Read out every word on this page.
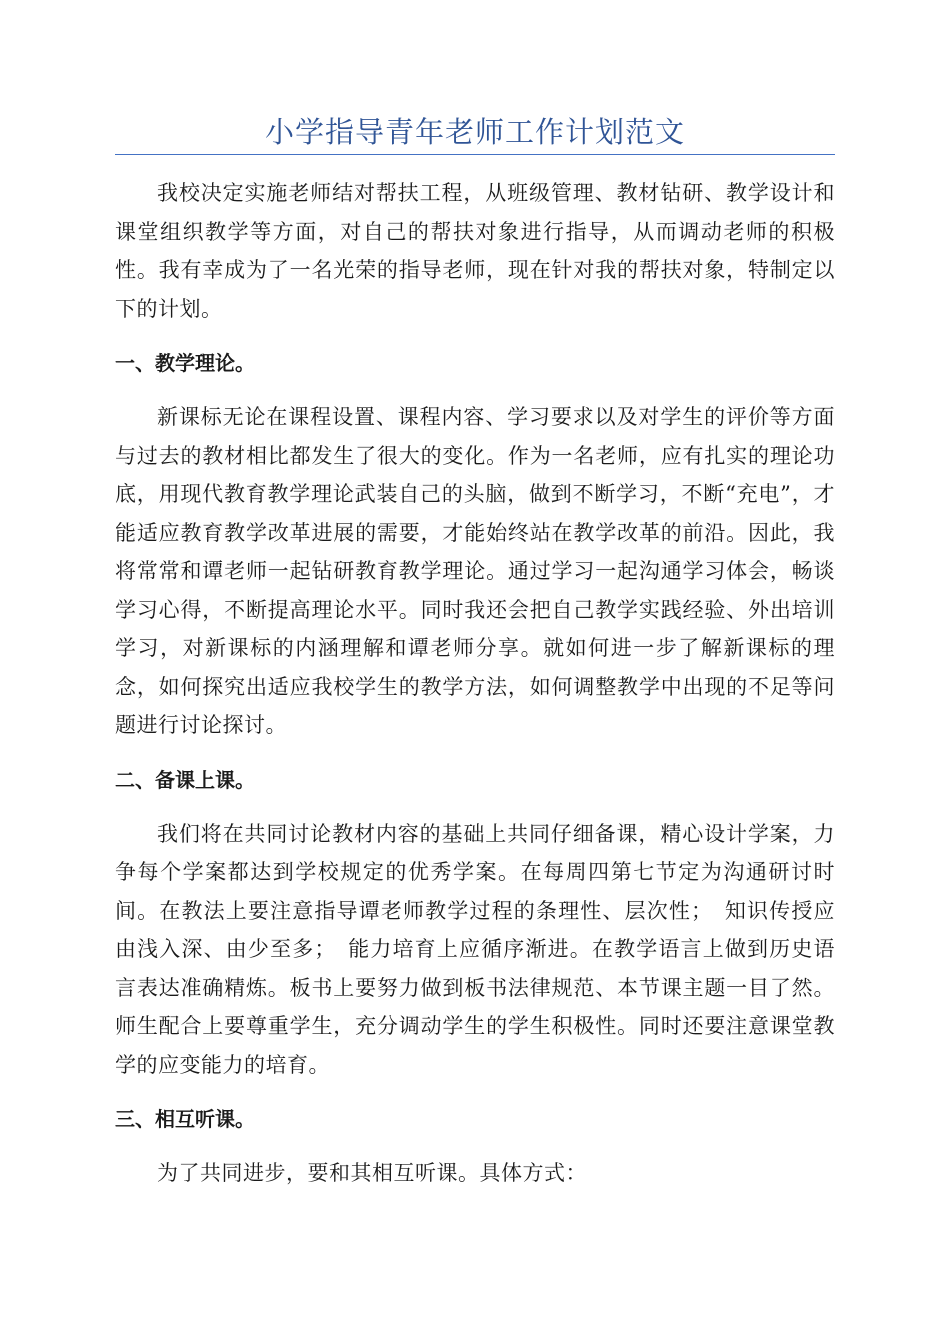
小学指导青年老师工作计划范文

我校决定实施老师结对帮扶工程，从班级管理、教材钻研、教学设计和课堂组织教学等方面，对自己的帮扶对象进行指导，从而调动老师的积极性。我有幸成为了一名光荣的指导老师，现在针对我的帮扶对象，特制定以下的计划。

一、教学理论。

新课标无论在课程设置、课程内容、学习要求以及对学生的评价等方面与过去的教材相比都发生了很大的变化。作为一名老师，应有扎实的理论功底，用现代教育教学理论武装自己的头脑，做到不断学习，不断“充电”，才能适应教育教学改革进展的需要，才能始终站在教学改革的前沿。因此，我将常常和谭老师一起钻研教育教学理论。通过学习一起沟通学习体会，畅谈学习心得，不断提高理论水平。同时我还会把自己教学实践经验、外出培训学习，对新课标的内涵理解和谭老师分享。就如何进一步了解新课标的理念，如何探究出适应我校学生的教学方法，如何调整教学中出现的不足等问题进行讨论探讨。

二、备课上课。

我们将在共同讨论教材内容的基础上共同仔细备课，精心设计学案，力争每个学案都达到学校规定的优秀学案。在每周四第七节定为沟通研讨时间。在教法上要注意指导谭老师教学过程的条理性、层次性；　知识传授应由浅入深、由少至多；　能力培育上应循序渐进。在教学语言上做到历史语言表达准确精炼。板书上要努力做到板书法律规范、本节课主题一目了然。师生配合上要尊重学生，充分调动学生的学生积极性。同时还要注意课堂教学的应变能力的培育。

三、相互听课。

为了共同进步，要和其相互听课。具体方式：
